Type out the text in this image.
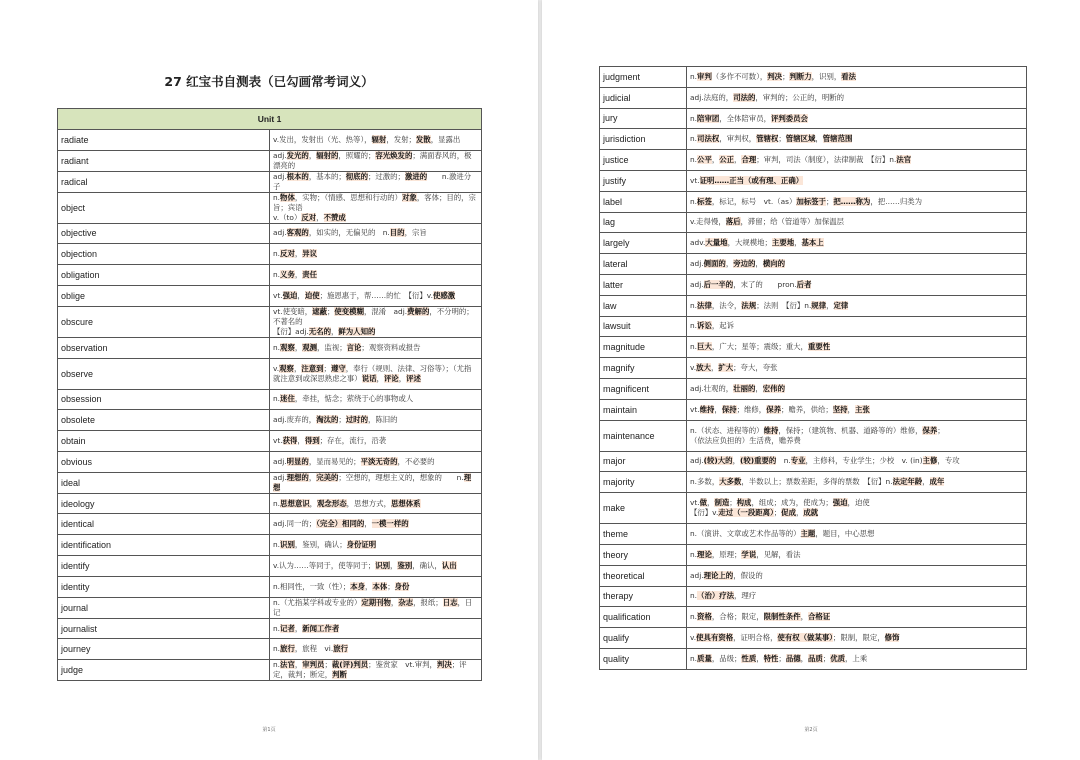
27 红宝书自测表（已勾画常考词义）
Unit 1	
radiate	v.发出，发射出（光、热等），辐射，发射；发散，显露出
radiant	adj.发光的，辐射的，照耀的；容光焕发的；满面春风的，极漂亮的
radical	adj.根本的，基本的；彻底的；过激的；激进的　　n.激进分子
object	n.物体，实物；（情感、思想和行动的）对象，客体；目的，宗旨；宾语
v.（to）反对，不赞成
objective	adj.客观的，如实的，无偏见的　n.目的，宗旨
objection	n.反对，异议
obligation	n.义务，责任
oblige	vt.强迫，迫使；施恩惠于，帮……的忙　【衍】v.使感激
obscure	vt.使变暗，遮蔽；使变模糊，混淆　adj.费解的，不分明的；不著名的
【衍】adj.无名的，鲜为人知的
observation	n.观察，观测，监视；言论；观察资料或报告
observe	v.观察，注意到；遵守，奉行（规则、法律、习俗等）；（尤指就注意到或深思熟虑之事）说话，评论，评述
obsession	n.迷住，牵挂，惦念；萦绕于心的事物或人
obsolete	adj.废弃的，淘汰的；过时的，陈旧的
obtain	vt.获得，得到；存在，流行，沿袭
obvious	adj.明显的，显而易见的；平淡无奇的，不必要的
ideal	adj.理想的，完美的；空想的，理想主义的，想象的　　n.理想
ideology	n.思想意识，观念形态，思想方式，思想体系
identical	adj.同一的；（完全）相同的，一模一样的
identification	n.识别，鉴别，确认；身份证明
identify	v.认为……等同于，使等同于；识别，鉴别，确认，认出
identity	n.相同性，一致（性）；本身，本体；身份
journal	n.（尤指某学科或专业的）定期刊物，杂志，报纸；日志，日记
journalist	n.记者，新闻工作者
journey	n.旅行，旅程　vi.旅行
judge	n.法官，审判员；裁(评)判员；鉴赏家　vt.审判，判决；评定，裁判；断定，判断
第1页
judgment	n.审判（多作不可数），判决；判断力，识别，看法
judicial	adj.法庭的，司法的，审判的；公正的，明断的
jury	n.陪审团，全体陪审员，评判委员会
jurisdiction	n.司法权，审判权，管辖权；管辖区域，管辖范围
justice	n.公平，公正，合理；审判，司法（制度），法律制裁　【衍】n.法官
justify	vt.证明……正当（或有理、正确）
label	n.标签，标记，标号　vt.（as）加标签于；把……称为，把……归类为
lag	v.走得慢，落后，滞留；给（管道等）加保温层
largely	adv.大量地，大规模地；主要地，基本上
lateral	adj.侧面的，旁边的，横向的
latter	adj.后一半的，末了的　　pron.后者
law	n.法律，法令，法规；法则　【衍】n.规律，定律
lawsuit	n.诉讼，起诉
magnitude	n.巨大，广大；星等；震级；重大，重要性
magnify	v.放大，扩大；夸大，夸张
magnificent	adj.壮观的，壮丽的，宏伟的
maintain	vt.维持，保持；维修，保养；赡养，供给；坚持，主张
maintenance	n.（状态、进程等的）维持，保持；（建筑物、机器、道路等的）维修，保养；
（依法应负担的）生活费，赡养费
major	adj.(较)大的，(较)重要的　n.专业，主修科，专业学生；少校　v. (in)主修，专攻
majority	n.多数，大多数，半数以上；票数差距，多得的票数　【衍】n.法定年龄，成年
make	vt.做，制造；构成，组成；成为，使成为；强迫，迫使
【衍】v.走过（一段距离）；促成，成就
theme	n.（演讲、文章或艺术作品等的）主题，题目，中心思想
theory	n.理论，原理；学说，见解，看法
theoretical	adj.理论上的，假设的
therapy	n.（治）疗法，理疗
qualification	n.资格，合格；限定，限制性条件，合格证
qualify	v.使具有资格，证明合格，使有权（做某事）；限制，限定，修饰
quality	n.质量，品级；性质，特性；品德，品质；优质，上乘
第2页
